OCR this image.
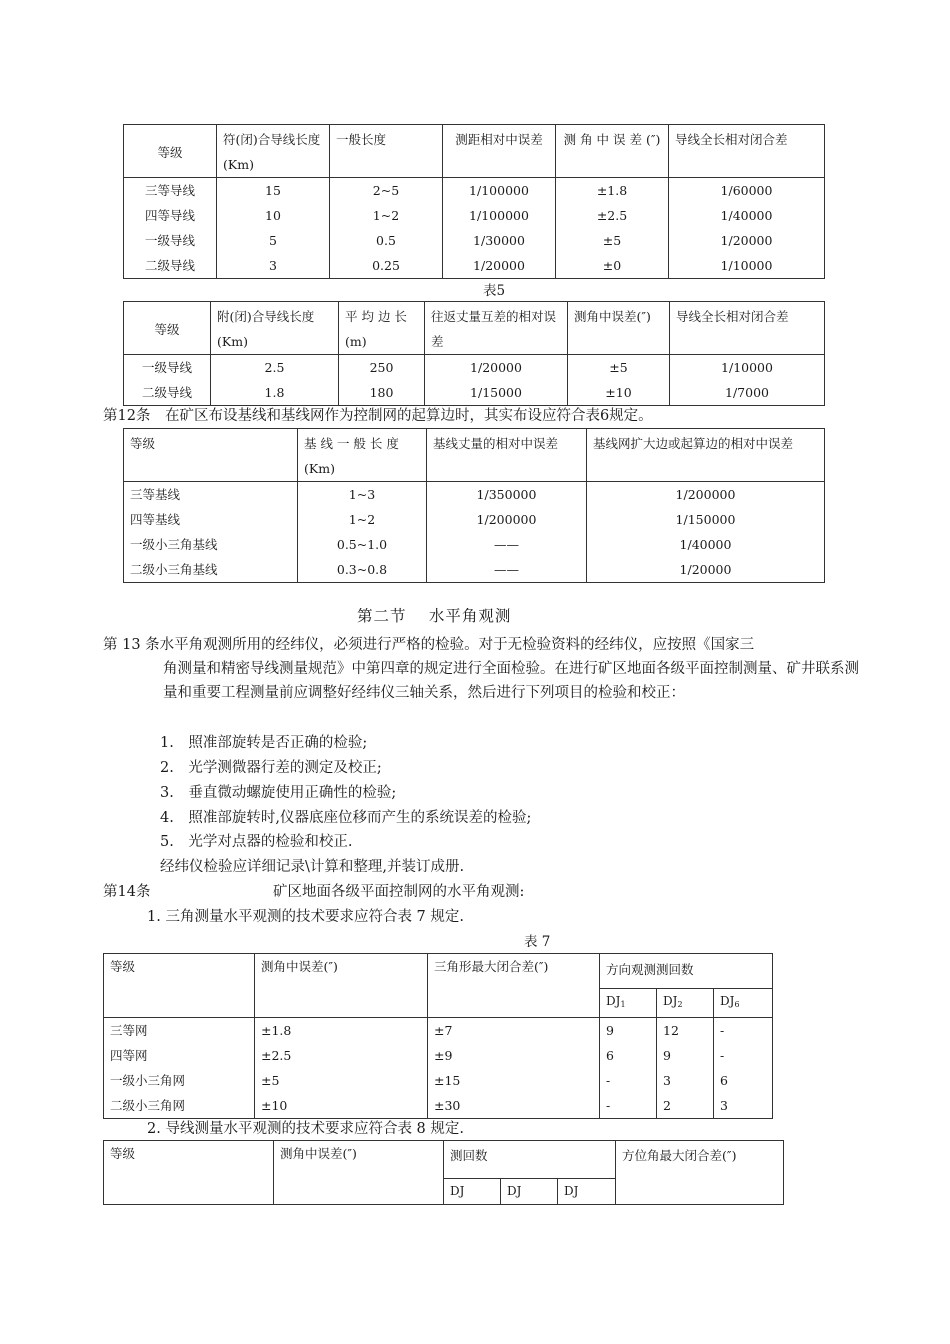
等级	符(闭)合导线长度(Km)	一般长度	测距相对中误差	测 角 中 误 差 (″)	导线全长相对闭合差
三等导线	15	2~5	1/100000	±1.8	1/60000
四等导线	10	1~2	1/100000	±2.5	1/40000
一级导线	5	0.5	1/30000	±5	1/20000
二级导线	3	0.25	1/20000	±0	1/10000
表5
等级	附(闭)合导线长度(Km)	平 均 边 长 (m)	往返丈量互差的相对误差	测角中误差(″)	导线全长相对闭合差
一级导线	2.5	250	1/20000	±5	1/10000
二级导线	1.8	180	1/15000	±10	1/7000
第12条　在矿区布设基线和基线网作为控制网的起算边时，其实布设应符合表6规定。
等级	基 线 一 般 长 度 (Km)	基线丈量的相对中误差	基线网扩大边或起算边的相对中误差
三等基线	1~3	1/350000	1/200000
四等基线	1~2	1/200000	1/150000
一级小三角基线	0.5~1.0	——	1/40000
二级小三角基线	0.3~0.8	——	1/20000
第二节　 水平角观测
第 13 条水平角观测所用的经纬仪，必须进行严格的检验。对于无检验资料的经纬仪，应按照《国家三
角测量和精密导线测量规范》中第四章的规定进行全面检验。在进行矿区地面各级平面控制测量、矿井联系测量和重要工程测量前应调整好经纬仪三轴关系，然后进行下列项目的检验和校正：
1.　照准部旋转是否正确的检验;
2.　光学测微器行差的测定及校正;
3.　垂直微动螺旋使用正确性的检验;
4.　照准部旋转时,仪器底座位移而产生的系统误差的检验;
5.　光学对点器的检验和校正.
经纬仪检验应详细记录\计算和整理,并装订成册.
第14条	矿区地面各级平面控制网的水平角观测:
1. 三角测量水平观测的技术要求应符合表 7 规定.
表 7
等级	测角中误差(″)	三角形最大闭合差(″)	方向观测测回数		
			$DJ_1$	$DJ_2$	$DJ_6$
三等网	±1.8	±7	9	12	-
四等网	±2.5	±9	6	9	-
一级小三角网	±5	±15	-	3	6
二级小三角网	±10	±30	-	2	3
2. 导线测量水平观测的技术要求应符合表 8 规定.
等级	测角中误差(″)	测回数			方位角最大闭合差(″)
		DJ	DJ	DJ	
